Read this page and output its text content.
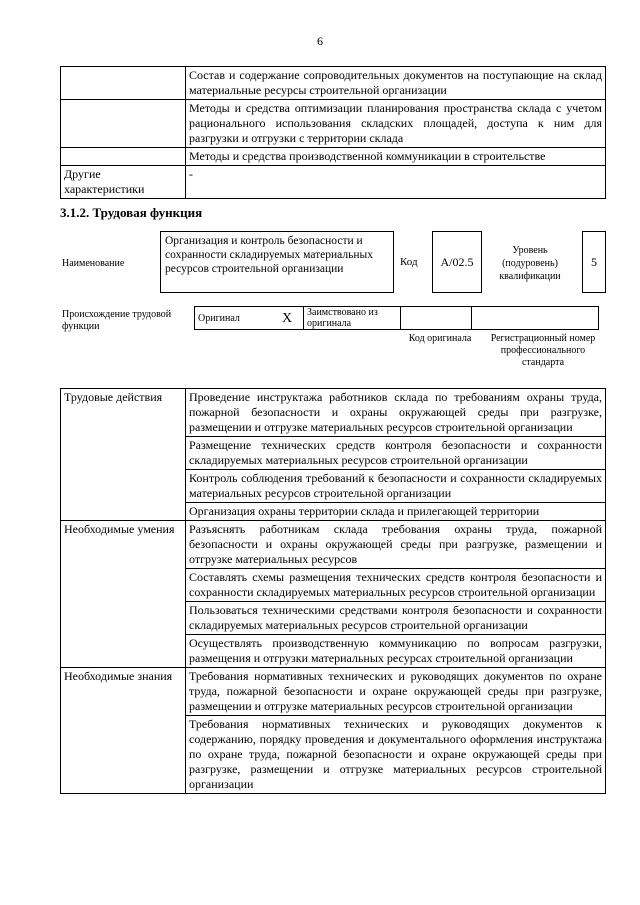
6
	Состав и содержание сопроводительных документов на поступающие на склад материальные ресурсы строительной организации
	Методы и средства оптимизации планирования пространства склада с учетом рационального использования складских площадей, доступа к ним для разгрузки и отгрузки с территории склада
	Методы и средства производственной коммуникации в строительстве
Другие характеристики	-
3.1.2. Трудовая функция
Наименование
Организация и контроль безопасности и сохранности складируемых материальных ресурсов строительной организации
Код	A/02.5
Уровень (подуровень) квалификации
5
Происхождение трудовой функции
Оригинал	X	Заимствовано из оригинала		
Код оригинала	Регистрационный номер профессионального стандарта
Трудовые действия	Проведение инструктажа работников склада по требованиям охраны труда, пожарной безопасности и охраны окружающей среды при разгрузке, размещении и отгрузке материальных ресурсов строительной организации
	Размещение технических средств контроля безопасности и сохранности складируемых материальных ресурсов строительной организации
	Контроль соблюдения требований к безопасности и сохранности складируемых материальных ресурсов строительной организации
	Организация охраны территории склада и прилегающей территории
Необходимые умения	Разъяснять работникам склада требования охраны труда, пожарной безопасности и охраны окружающей среды при разгрузке, размещении и отгрузке материальных ресурсов
	Составлять схемы размещения технических средств контроля безопасности и сохранности складируемых материальных ресурсов строительной организации
	Пользоваться техническими средствами контроля безопасности и сохранности складируемых материальных ресурсов строительной организации
	Осуществлять производственную коммуникацию по вопросам разгрузки, размещения и отгрузки материальных ресурсах строительной организации
Необходимые знания	Требования нормативных технических и руководящих документов по охране труда, пожарной безопасности и охране окружающей среды при разгрузке, размещении и отгрузке материальных ресурсов строительной организации
	Требования нормативных технических и руководящих документов к содержанию, порядку проведения и документального оформления инструктажа по охране труда, пожарной безопасности и охране окружающей среды при разгрузке, размещении и отгрузке материальных ресурсов строительной организации
